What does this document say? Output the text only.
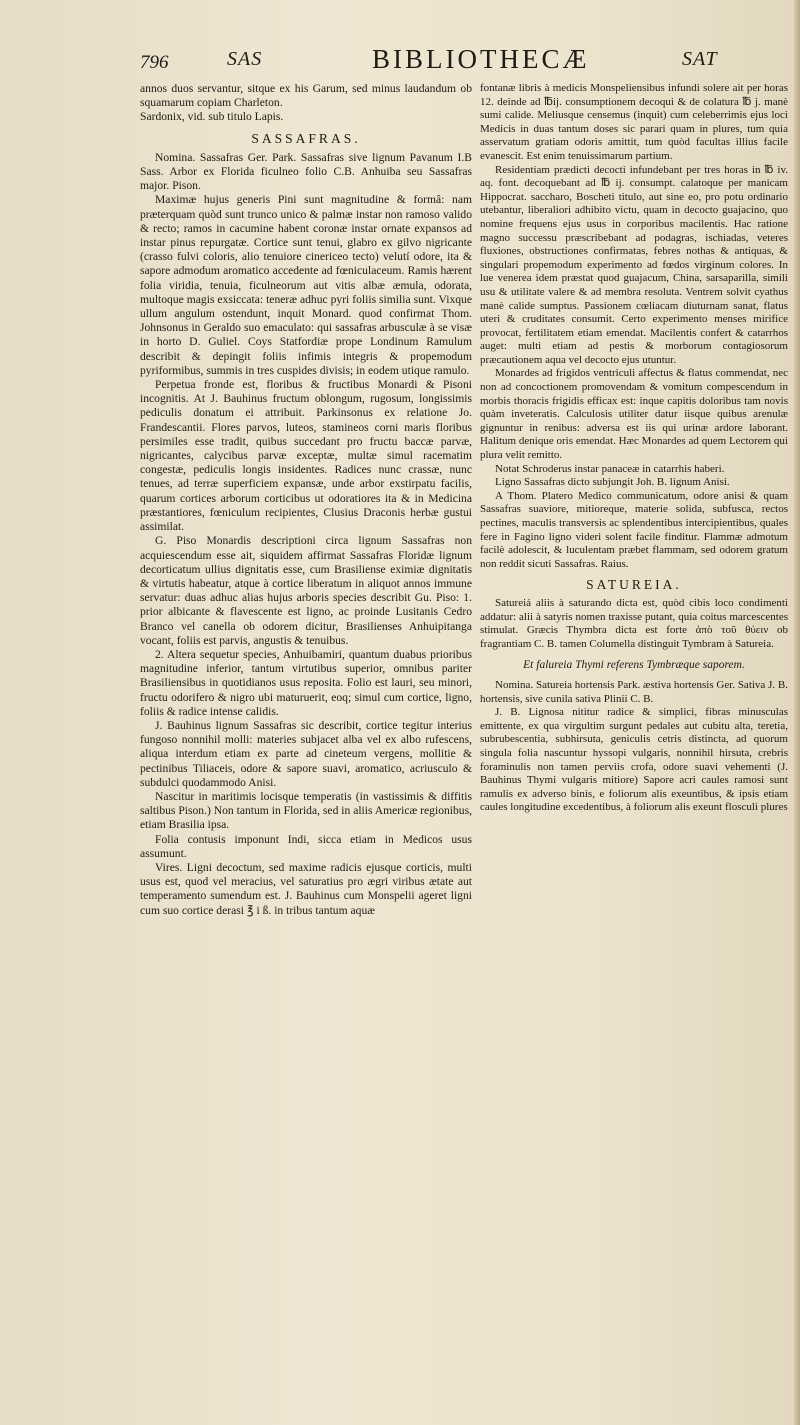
796	SAS	BIBLIOTHECÆ	SAT

annos duos servantur, sitque ex his Garum, sed minus laudandum ob squamarum copiam Charleton.

Sardonix, vid. sub titulo Lapis.

SASSAFRAS.

Nomina. Sassafras Ger. Park. Sassafras sive lignum Pavanum I.B Sass. Arbor ex Florida ficulneo folio C.B. Anhuiba seu Sassafras major. Pison.

Maximæ hujus generis Pini sunt magnitudine & formâ: nam præterquam quòd sunt trunco unico & palmæ instar non ramoso valido & recto; ramos in cacumine habent coronæ instar ornate expansos ad instar pinus repurgatæ. Cortice sunt tenui, glabro ex gilvo nigricante (crasso fulvi coloris, alio tenuiore cinericeo tecto) velutí odore, ita & sapore admodum aromatico accedente ad fœniculaceum. Ramis hærent folia viridia, tenuia, ficulneorum aut vitis albæ æmula, odorata, multoque magis exsiccata: teneræ adhuc pyri foliis similia sunt. Vixque ullum angulum ostendunt, inquit Monard. quod confirmat Thom. Johnsonus in Geraldo suo emaculato: qui sassafras arbusculæ à se visæ in horto D. Guliel. Coys Statfordiæ prope Londinum Ramulum describit & depingit foliis infimis integris & propemodum pyriformibus, summis in tres cuspides divisis; in eodem utique ramulo.

Perpetua fronde est, floribus & fructibus Monardi & Pisoni incognitis. At J. Bauhinus fructum oblongum, rugosum, longissimis pediculis donatum ei attribuit. Parkinsonus ex relatione Jo. Frandescantii. Flores parvos, luteos, stamineos corni maris floribus persimiles esse tradit, quibus succedant pro fructu baccæ parvæ, nigricantes, calycibus parvæ exceptæ, multæ simul racematim congestæ, pediculis longis insidentes. Radices nunc crassæ, nunc tenues, ad terræ superficiem expansæ, unde arbor exstirpatu facilis, quarum cortices arborum corticibus ut odoratiores ita & in Medicina præstantiores, fœniculum recipientes, Clusius Draconis herbæ gustui assimilat.

G. Piso Monardis descriptioni circa lignum Sassafras non acquiescendum esse ait, siquidem affirmat Sassafras Floridæ lignum decorticatum ullius dignitatis esse, cum Brasiliense eximiæ dignitatis & virtutis habeatur, atque à cortice liberatum in aliquot annos immune servatur: duas adhuc alias hujus arboris species describit Gu. Piso: 1. prior albicante & flavescente est ligno, ac proinde Lusitanis Cedro Branco vel canella ob odorem dicitur, Brasilienses Anhuipitanga vocant, foliis est parvis, angustis & tenuibus.

2. Altera sequetur species, Anhuibamiri, quantum duabus prioribus magnitudine inferior, tantum virtutibus superior, omnibus pariter Brasiliensibus in quotidianos usus reposita. Folio est lauri, seu minori, fructu odorifero & nigro ubi maturuerit, eoq; simul cum cortice, ligno, foliis & radice intense calidis.

J. Bauhinus lignum Sassafras sic describit, cortice tegitur interius fungoso nonnihil molli: materies subjacet alba vel ex albo rufescens, aliqua interdum etiam ex parte ad cineteum vergens, mollitie & pectinibus Tiliaceis, odore & sapore suavi, aromatico, acriusculo & subdulci quodammodo Anisi.

Nascitur in maritimis locisque temperatis (in vastissimis & diffitis saltibus Pison.) Non tantum in Florida, sed in aliis Americæ regionibus, etiam Brasilia ipsa.

Folia contusis imponunt Indi, sicca etiam in Medicos usus assumunt.

Vires. Ligni decoctum, sed maxime radicis ejusque corticis, multi usus est, quod vel meracius, vel saturatius pro ægri viribus ætate aut temperamento sumendum est. J. Bauhinus cum Monspelii ageret ligni cum suo cortice derasi ℥ i ß. in tribus tantum aquæ

fontanæ libris à medicis Monspeliensibus infundi solere ait per horas 12. deinde ad ℔ij. consumptionem decoqui & de colatura ℔ j. manè sumi calide. Meliusque censemus (inquit) cum celeberrimis ejus loci Medicis in duas tantum doses sic parari quam in plures, tum quia asservatum gratiam odoris amittit, tum quòd facultas illius facile evanescit. Est enim tenuissimarum partium.

Residentiam prædicti decocti infundebant per tres horas in ℔ iv. aq. font. decoquebant ad ℔ ij. consumpt. calatoque per manicam Hippocrat. saccharo, Boscheti titulo, aut sine eo, pro potu ordinario utebantur, liberaliori adhibito victu, quam in decocto guajacino, quo nomine frequens ejus usus in corporibus macilentis. Hac ratione magno successu præscribebant ad podagras, ischiadas, veteres fluxiones, obstructiones confirmatas, febres nothas & antiquas, & singulari propemodum experimento ad fœdos virginum colores. In lue venerea idem præstat quod guajacum, China, sarsaparilla, simili usu & utilitate valere & ad membra resoluta. Ventrem solvit cyathus manè calide sumptus. Passionem cœliacam diuturnam sanat, flatus uteri & cruditates consumit. Certo experimento menses mirifice provocat, fertilitatem etiam emendat. Macilentis confert & catarrhos auget: multi etiam ad pestis & morborum contagiosorum præcautionem aqua vel decocto ejus utuntur.

Monardes ad frigidos ventriculi affectus & flatus commendat, nec non ad concoctionem promovendam & vomitum compescendum in morbis thoracis frigidis efficax est: inque capitis doloribus tam novis quàm inveteratis. Calculosis utiliter datur iisque quibus arenulæ gignuntur in renibus: adversa est iis qui urinæ ardore laborant. Halitum denique oris emendat. Hæc Monardes ad quem Lectorem qui plura velit remitto.

Notat Schroderus instar panaceæ in catarrhis haberi.

Ligno Sassafras dicto subjungit Joh. B. lignum Anisi.

A Thom. Platero Medico communicatum, odore anisi & quam Sassafras suaviore, mitioreque, materie solida, subfusca, rectos pectines, maculis transversis ac splendentibus intercipientibus, quales fere in Fagino ligno videri solent facile finditur. Flammæ admotum facilè adolescit, & luculentam præbet flammam, sed odorem gratum non reddit sicuti Sassafras. Raius.

SATUREIA.

Satureiá aliis à saturando dicta est, quòd cibis loco condimenti addatur: alii à satyris nomen traxisse putant, quia coitus marcescentes stimulat. Græcis Thymbra dicta est forte ἀπὸ τοῦ θύειν ob fragrantiam C. B. tamen Columella distinguit Tymbram à Satureia.

Et falureia Thymi referens Tymbræque saporem.

Nomina. Satureia hortensis Park. æstiva hortensis Ger. Sativa J. B. hortensis, sive cunila sativa Plinii C. B.

J. B. Lignosa nititur radice & simplici, fibras minusculas emittente, ex qua virgultim surgunt pedales aut cubitu alta, teretia, subrubescentia, subhirsuta, geniculis cetris distincta, ad quorum singula folia nascuntur hyssopi vulgaris, nonnihil hirsuta, crebris foraminulis non tamen perviis crofa, odore suavi vehementi (J. Bauhinus Thymi vulgaris mitiore) Sapore acri caules ramosi sunt ramulis ex adverso binis, e foliorum alis exeuntibus, & ipsis etiam caules longitudine excedentibus, à foliorum alis exeunt flosculi plures
